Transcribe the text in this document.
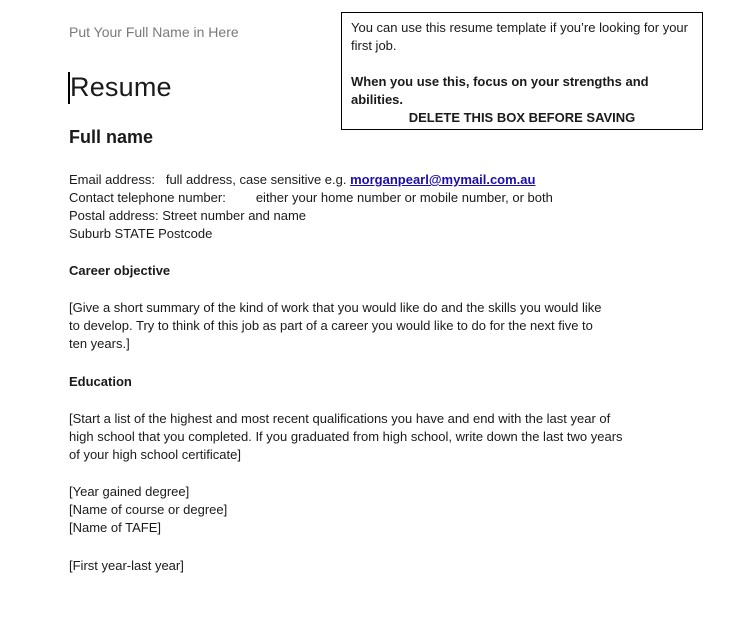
Put Your Full Name in Here
Resume
Full name

You can use this resume template if you’re looking for your first job.

When you use this, focus on your strengths and abilities.

DELETE THIS BOX BEFORE SAVING

Email address: full address, case sensitive e.g. morganpearl@mymail.com.au

Contact telephone number: either your home number or mobile number, or both

Postal address: Street number and name

Suburb STATE Postcode

Career objective

[Give a short summary of the kind of work that you would like do and the skills you would like to develop. Try to think of this job as part of a career you would like to do for the next five to ten years.]

Education

[Start a list of the highest and most recent qualifications you have and end with the last year of high school that you completed. If you graduated from high school, write down the last two years of your high school certificate]

[Year gained degree]

[Name of course or degree]

[Name of TAFE]

[First year-last year]
